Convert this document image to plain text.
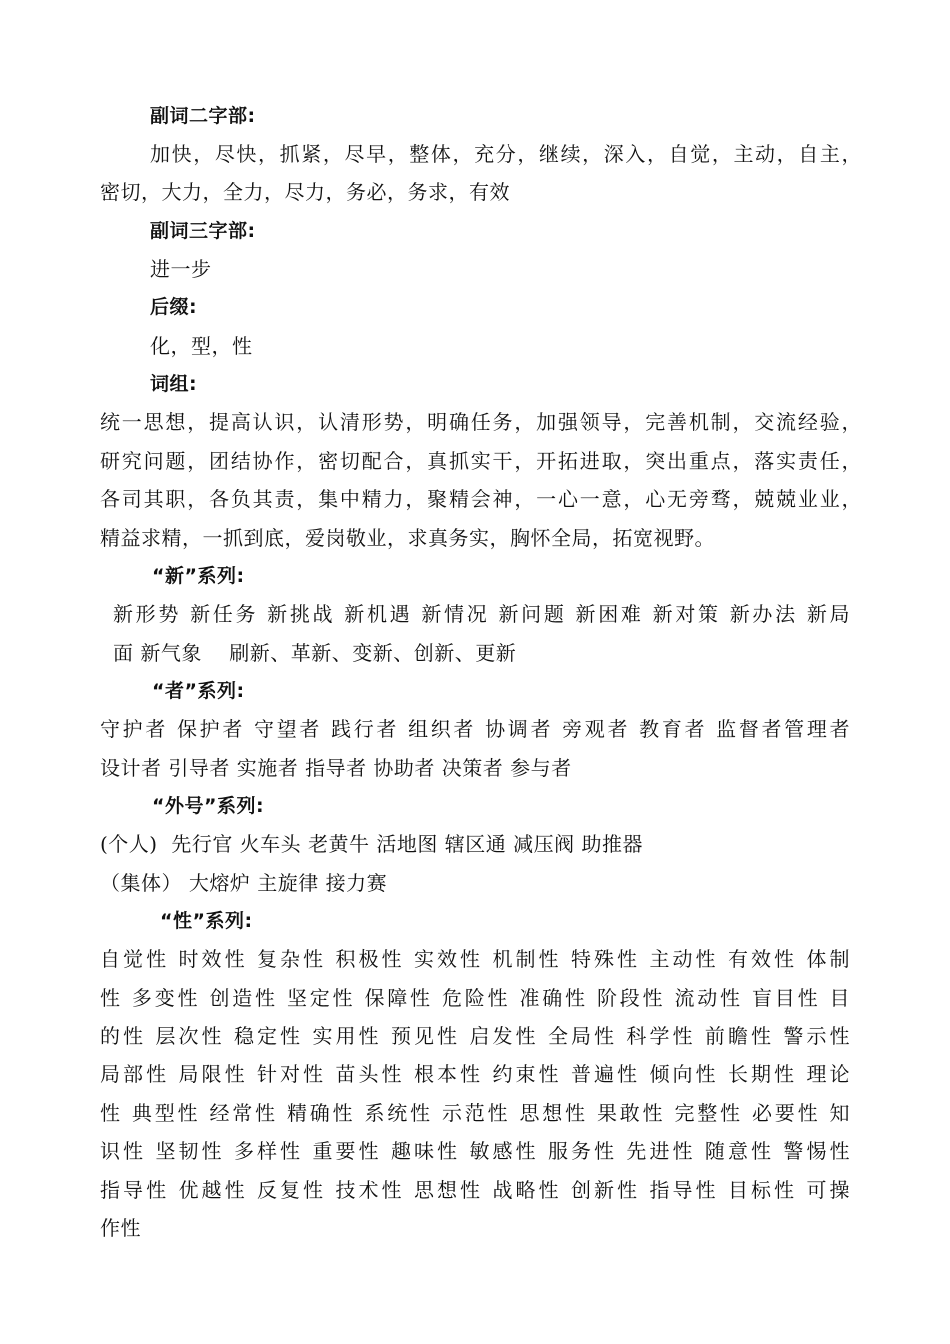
副词二字部:
加快，尽快，抓紧，尽早，整体，充分，继续，深入，自觉，主动，自主，
密切，大力，全力，尽力，务必，务求，有效
副词三字部:
进一步
后缀:
化，型，性
词组:
统一思想，提高认识，认清形势，明确任务，加强领导，完善机制，交流经验，
研究问题，团结协作，密切配合，真抓实干，开拓进取，突出重点，落实责任，
各司其职，各负其责，集中精力，聚精会神，一心一意，心无旁骛，兢兢业业，
精益求精，一抓到底，爱岗敬业，求真务实，胸怀全局，拓宽视野。
“新”系列:
新形势 新任务 新挑战 新机遇 新情况 新问题 新困难 新对策 新办法 新局
面 新气象    刷新、革新、变新、创新、更新
“者”系列:
守护者 保护者 守望者 践行者 组织者 协调者 旁观者 教育者 监督者管理者
设计者 引导者 实施者 指导者 协助者 决策者 参与者
“外号”系列:
(个人)  先行官 火车头 老黄牛 活地图 辖区通 减压阀 助推器
（集体） 大熔炉 主旋律 接力赛
“性”系列:
自觉性 时效性 复杂性 积极性 实效性 机制性 特殊性 主动性 有效性 体制
性 多变性 创造性 坚定性 保障性 危险性 准确性 阶段性 流动性 盲目性 目
的性 层次性 稳定性 实用性 预见性 启发性 全局性 科学性 前瞻性 警示性
局部性 局限性 针对性 苗头性 根本性 约束性 普遍性 倾向性 长期性 理论
性 典型性 经常性 精确性 系统性 示范性 思想性 果敢性 完整性 必要性 知
识性 坚韧性 多样性 重要性 趣味性 敏感性 服务性 先进性 随意性 警惕性
指导性 优越性 反复性 技术性 思想性 战略性 创新性 指导性 目标性 可操
作性
